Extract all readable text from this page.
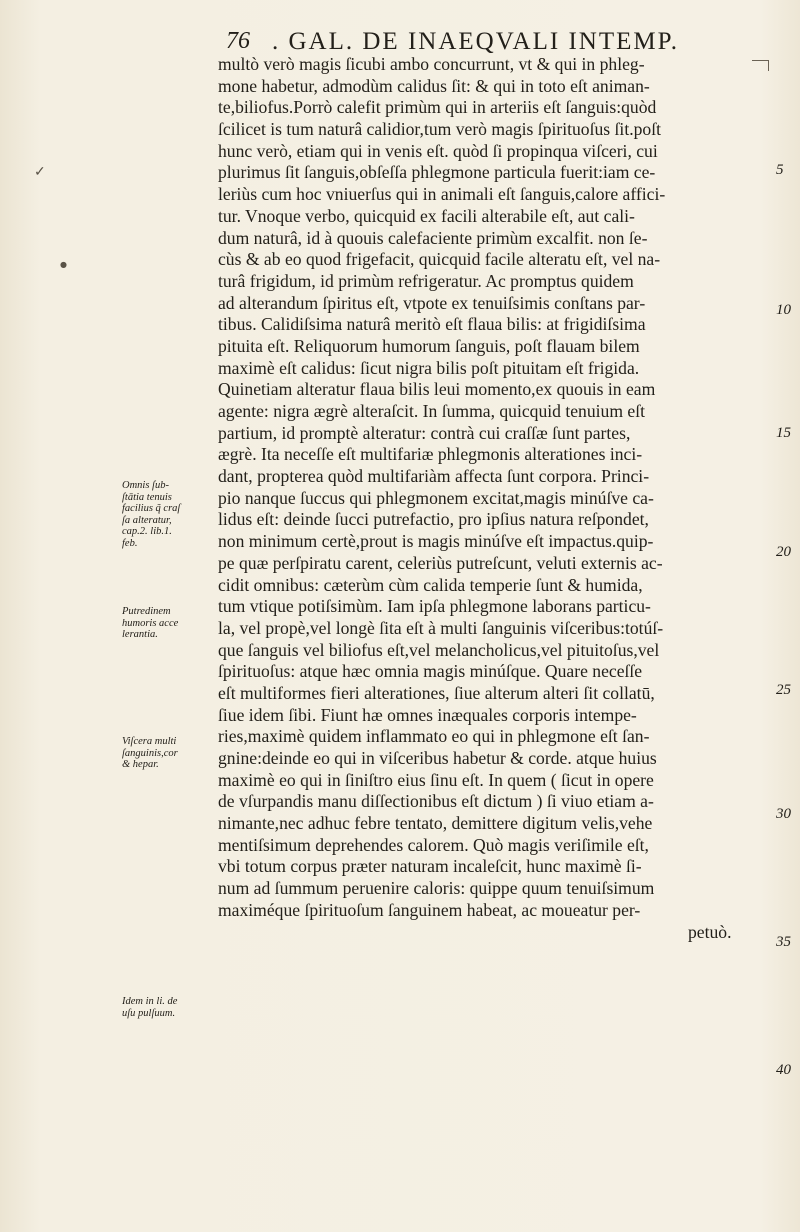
✓
●
76 . GAL. DE INAEQVALI INTEMP.
multò verò magis ſicubi ambo concurrunt, vt & qui in phleg-
mone habetur, admodùm calidus ſit: & qui in toto eſt animan-
te,biliofus.Porrò calefit primùm qui in arteriis eſt ſanguis:quòd
ſcilicet is tum naturâ calidior,tum verò magis ſpirituoſus ſit.poſt
hunc verò, etiam qui in venis eſt. quòd ſi propinqua viſceri, cui
plurimus ſit ſanguis,obſeſſa phlegmone particula fuerit:iam ce-
leriùs cum hoc vniuerſus qui in animali eſt ſanguis,calore affici-
tur. Vnoque verbo, quicquid ex facili alterabile eſt, aut cali-
dum naturâ, id à quouis calefaciente primùm excalfit. non ſe-
cùs & ab eo quod frigefacit, quicquid facile alteratu eſt, vel na-
turâ frigidum, id primùm refrigeratur. Ac promptus quidem
ad alterandum ſpiritus eſt, vtpote ex tenuiſsimis conſtans par-
tibus. Calidiſsima naturâ meritò eſt flaua bilis: at frigidiſsima
pituita eſt. Reliquorum humorum ſanguis, poſt flauam bilem
maximè eſt calidus: ſicut nigra bilis poſt pituitam eſt frigida.
Quinetiam alteratur flaua bilis leui momento,ex quouis in eam
agente: nigra ægrè alteraſcit. In ſumma, quicquid tenuium eſt
partium, id promptè alteratur: contrà cui craſſæ ſunt partes,
ægrè. Ita neceſſe eſt multifariæ phlegmonis alterationes inci-
dant, propterea quòd multifariàm affecta ſunt corpora. Princi-
pio nanque ſuccus qui phlegmonem excitat,magis minúſve ca-
lidus eſt: deinde ſucci putrefactio, pro ipſius natura reſpondet,
non minimum certè,prout is magis minúſve eſt impactus.quip-
pe quæ perſpiratu carent, celeriùs putreſcunt, veluti externis ac-
cidit omnibus: cæterùm cùm calida temperie ſunt & humida,
tum vtique potiſsimùm. Iam ipſa phlegmone laborans particu-
la, vel propè,vel longè ſita eſt à multi ſanguinis viſceribus:totúſ-
que ſanguis vel biliofus eſt,vel melancholicus,vel pituitoſus,vel
ſpirituoſus: atque hæc omnia magis minúſque. Quare neceſſe
eſt multiformes fieri alterationes, ſiue alterum alteri ſit collatū,
ſiue idem ſibi. Fiunt hæ omnes inæquales corporis intempe-
ries,maximè quidem inflammato eo qui in phlegmone eſt ſan-
gnine:deinde eo qui in viſceribus habetur & corde. atque huius
maximè eo qui in ſiniſtro eius ſinu eſt. In quem ( ſicut in opere
de vſurpandis manu diſſectionibus eſt dictum ) ſi viuo etiam a-
nimante,nec adhuc febre tentato, demittere digitum velis,vehe
mentiſsimum deprehendes calorem. Quò magis veriſimile eſt,
vbi totum corpus præter naturam incaleſcit, hunc maximè ſi-
num ad ſummum peruenire caloris: quippe quum tenuiſsimum
maximéque ſpirituoſum ſanguinem habeat, ac moueatur per-
petuò.
5
10
15
20
25
30
35
40
Omnis ſub-
ſtātia tenuis
facilius q̃ craſ
ſa alteratur,
cap.2. lib.1.
feb.
Putredinem
humoris acce
lerantia.
Viſcera multi
ſanguinis,cor
& hepar.
Idem in li. de
uſu pulſuum.
